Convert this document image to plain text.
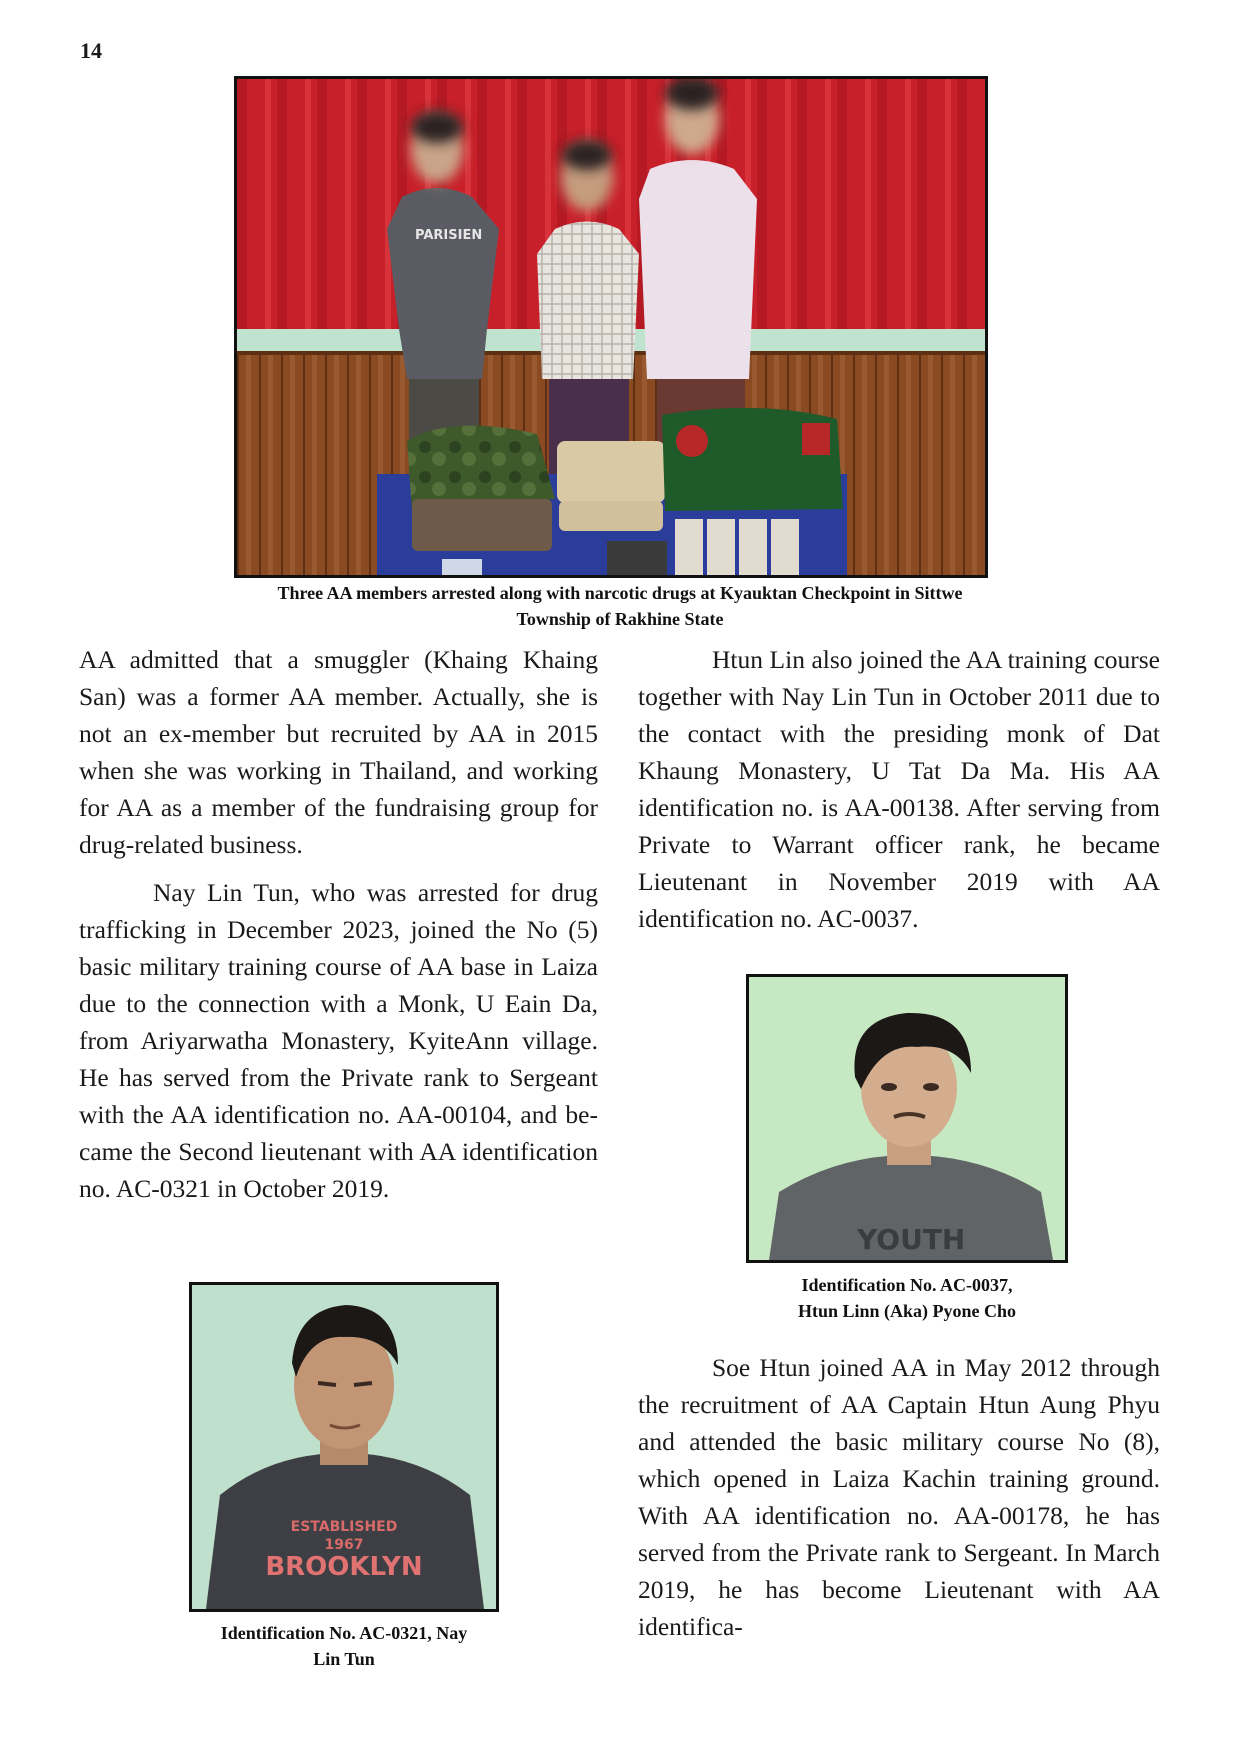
14
PARISIEN
Three AA members arrested along with narcotic drugs at Kyauktan Checkpoint in Sittwe
Township of Rakhine State

AA admitted that a smuggler (Khaing Khaing San) was a former AA member. Actually, she is not an ex-member but recruited by AA in 2015 when she was working in Thailand, and working for AA as a member of the fundraising group for drug-related business.

Nay Lin Tun, who was arrested for drug trafficking in December 2023, joined the No (5) basic military training course of AA base in Laiza due to the connection with a Monk, U Eain Da, from Ariyarwatha Monastery, KyiteAnn village. He has served from the Private rank to Sergeant with the AA identification no. AA-00104, and became the Second lieutenant with AA identification no. AC-0321 in October 2019.

Htun Lin also joined the AA training course together with Nay Lin Tun in October 2011 due to the contact with the presiding monk of Dat Khaung Monastery, U Tat Da Ma. His AA identification no. is AA-00138. After serving from Private to Warrant officer rank, he became Lieutenant in November 2019 with AA identification no. AC-0037.

YOUTH
Identification No. AC-0037,
Htun Linn (Aka) Pyone Cho

Soe Htun joined AA in May 2012 through the recruitment of AA Captain Htun Aung Phyu and attended the basic military course No (8), which opened in Laiza Kachin training ground. With AA identification no. AA-00178, he has served from the Private rank to Sergeant. In March 2019, he has become Lieutenant with AA identifica-

ESTABLISHED
1967
BROOKLYN
Identification No. AC-0321, Nay
Lin Tun
